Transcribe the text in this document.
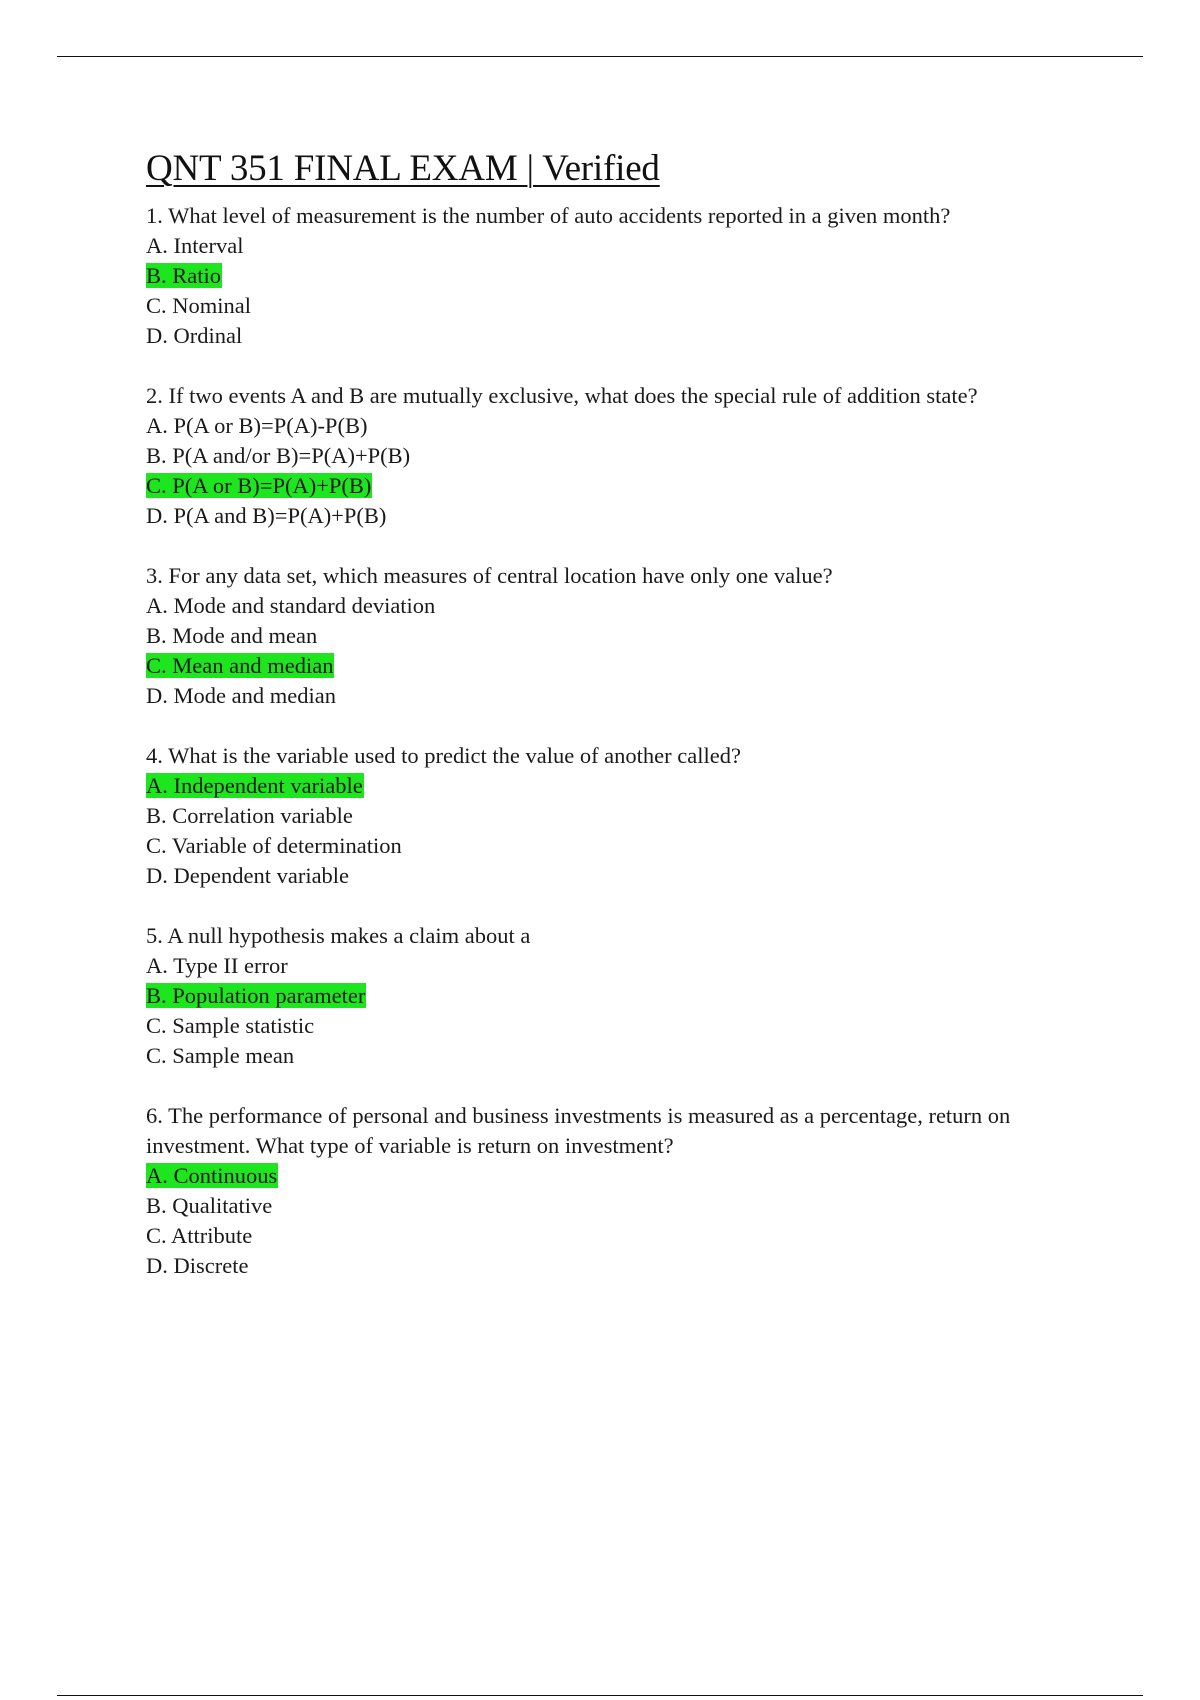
QNT 351 FINAL EXAM | Verified

1. What level of measurement is the number of auto accidents reported in a given month?

A. Interval
B. Ratio
C. Nominal
D. Ordinal

2. If two events A and B are mutually exclusive, what does the special rule of addition state?

A. P(A or B)=P(A)-P(B)
B. P(A and/or B)=P(A)+P(B)
C. P(A or B)=P(A)+P(B)
D. P(A and B)=P(A)+P(B)

3. For any data set, which measures of central location have only one value?

A. Mode and standard deviation
B. Mode and mean
C. Mean and median
D. Mode and median

4. What is the variable used to predict the value of another called?

A. Independent variable
B. Correlation variable
C. Variable of determination
D. Dependent variable

5. A null hypothesis makes a claim about a

A. Type II error
B. Population parameter
C. Sample statistic
C. Sample mean

6. The performance of personal and business investments is measured as a percentage, return on investment. What type of variable is return on investment?

A. Continuous
B. Qualitative
C. Attribute
D. Discrete
